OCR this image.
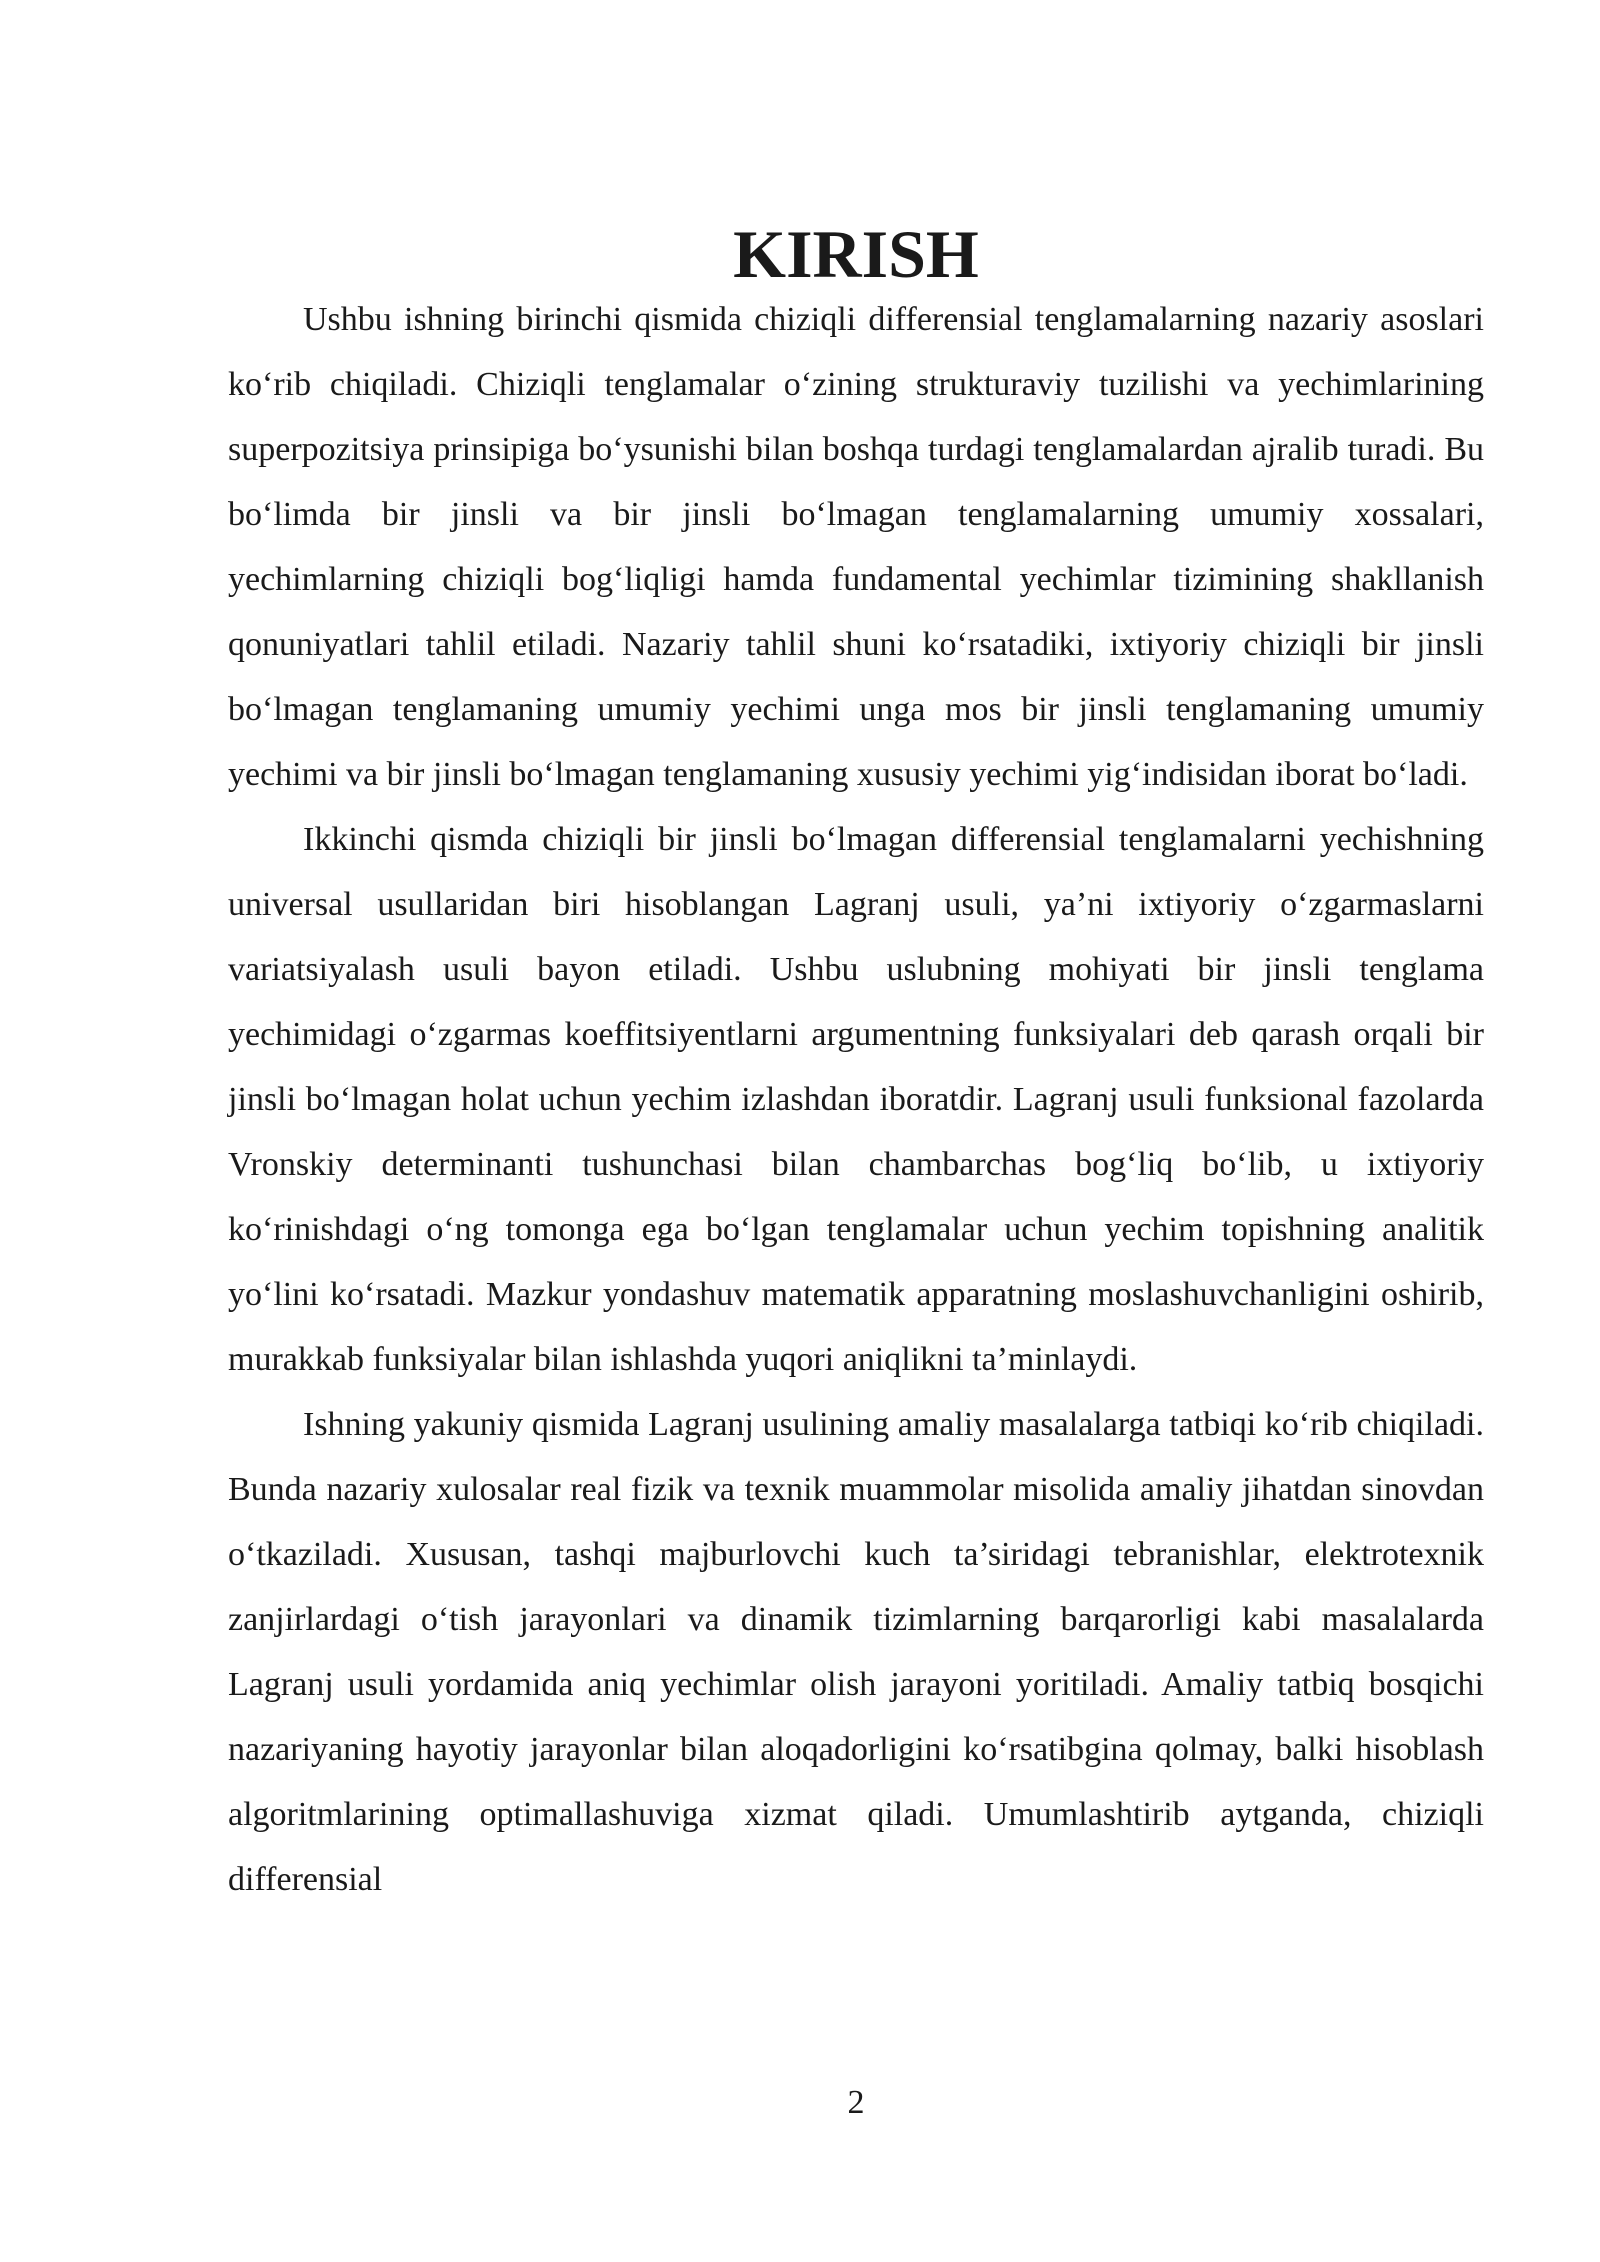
KIRISH

Ushbu ishning birinchi qismida chiziqli differensial tenglamalarning nazariy asoslari ko‘rib chiqiladi. Chiziqli tenglamalar o‘zining strukturaviy tuzilishi va yechimlarining superpozitsiya prinsipiga bo‘ysunishi bilan boshqa turdagi tenglamalardan ajralib turadi. Bu bo‘limda bir jinsli va bir jinsli bo‘lmagan tenglamalarning umumiy xossalari, yechimlarning chiziqli bog‘liqligi hamda fundamental yechimlar tizimining shakllanish qonuniyatlari tahlil etiladi. Nazariy tahlil shuni ko‘rsatadiki, ixtiyoriy chiziqli bir jinsli bo‘lmagan tenglamaning umumiy yechimi unga mos bir jinsli tenglamaning umumiy yechimi va bir jinsli bo‘lmagan tenglamaning xususiy yechimi yig‘indisidan iborat bo‘ladi.

Ikkinchi qismda chiziqli bir jinsli bo‘lmagan differensial tenglamalarni yechishning universal usullaridan biri hisoblangan Lagranj usuli, ya’ni ixtiyoriy o‘zgarmaslarni variatsiyalash usuli bayon etiladi. Ushbu uslubning mohiyati bir jinsli tenglama yechimidagi o‘zgarmas koeffitsiyentlarni argumentning funksiyalari deb qarash orqali bir jinsli bo‘lmagan holat uchun yechim izlashdan iboratdir. Lagranj usuli funksional fazolarda Vronskiy determinanti tushunchasi bilan chambarchas bog‘liq bo‘lib, u ixtiyoriy ko‘rinishdagi o‘ng tomonga ega bo‘lgan tenglamalar uchun yechim topishning analitik yo‘lini ko‘rsatadi. Mazkur yondashuv matematik apparatning moslashuvchanligini oshirib, murakkab funksiyalar bilan ishlashda yuqori aniqlikni ta’minlaydi.

Ishning yakuniy qismida Lagranj usulining amaliy masalalarga tatbiqi ko‘rib chiqiladi. Bunda nazariy xulosalar real fizik va texnik muammolar misolida amaliy jihatdan sinovdan o‘tkaziladi. Xususan, tashqi majburlovchi kuch ta’siridagi tebranishlar, elektrotexnik zanjirlardagi o‘tish jarayonlari va dinamik tizimlarning barqarorligi kabi masalalarda Lagranj usuli yordamida aniq yechimlar olish jarayoni yoritiladi. Amaliy tatbiq bosqichi nazariyaning hayotiy jarayonlar bilan aloqadorligini ko‘rsatibgina qolmay, balki hisoblash algoritmlarining optimallashuviga xizmat qiladi. Umumlashtirib aytganda, chiziqli differensial

2
